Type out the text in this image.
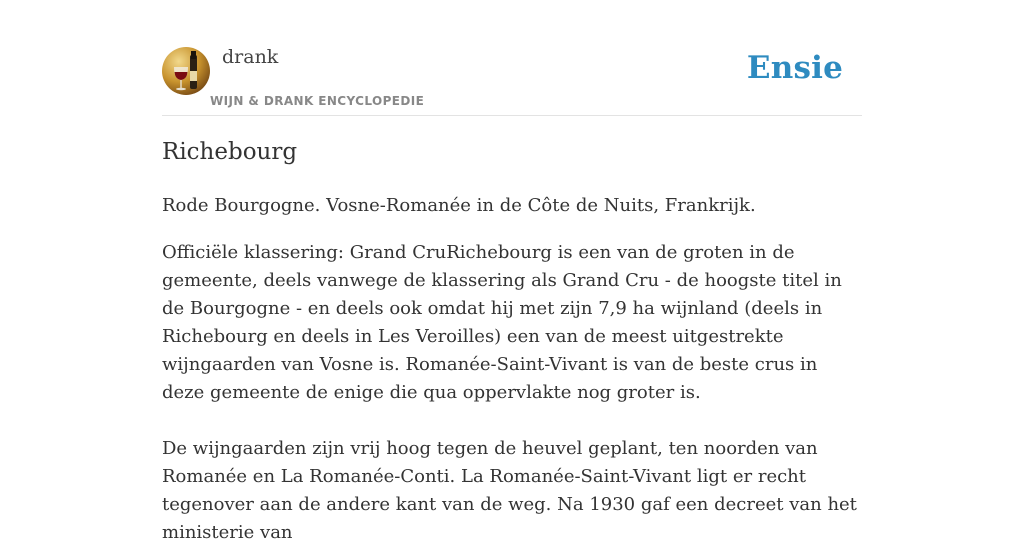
drank
WIJN & DRANK ENCYCLOPEDIE
Ensie
Richebourg

Rode Bourgogne. Vosne-Romanée in de Côte de Nuits, Frankrijk.

Officiële klassering: Grand CruRichebourg is een van de groten in de gemeente, deels vanwege de klassering als Grand Cru - de hoogste titel in de Bourgogne - en deels ook omdat hij met zijn 7,9 ha wijnland (deels in Richebourg en deels in Les Veroilles) een van de meest uitgestrekte wijngaarden van Vosne is. Romanée-Saint-Vivant is van de beste crus in deze gemeente de enige die qua oppervlakte nog groter is.

De wijngaarden zijn vrij hoog tegen de heuvel geplant, ten noorden van Romanée en La Romanée-Conti. La Romanée-Saint-Vivant ligt er recht tegenover aan de andere kant van de weg. Na 1930 gaf een decreet van het ministerie van
